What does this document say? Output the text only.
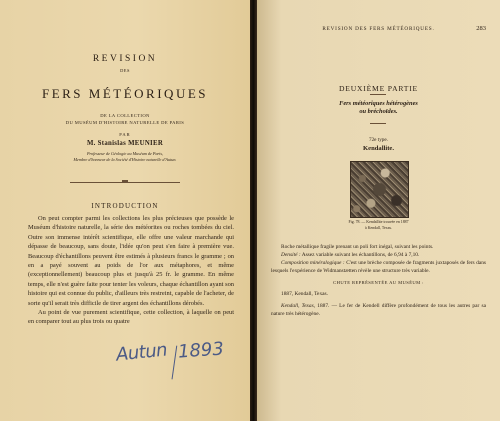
REVISION
DES
FERS MÉTÉORIQUES
DE LA COLLECTION
DU MUSÉUM D'HISTOIRE NATURELLE DE PARIS
PAR
M. Stanislas MEUNIER
Professeur de Géologie au Muséum de Paris,
Membre d'honneur de la Société d'Histoire naturelle d'Autun.
INTRODUCTION

On peut compter parmi les collections les plus précieuses que possède le Muséum d'histoire naturelle, la série des météorites ou roches tombées du ciel. Outre son immense intérêt scientifique, elle offre une valeur marchande qui dépasse de beaucoup, sans doute, l'idée qu'on peut s'en faire à première vue. Beaucoup d'échantillons peuvent être estimés à plusieurs francs le gramme ; on en a payé souvent au poids de l'or aux métaphores, et même (exceptionnellement) beaucoup plus et jusqu'à 25 fr. le gramme. En même temps, elle n'est guère faite pour tenter les voleurs, chaque échantillon ayant son histoire qui est connue du public, d'ailleurs très restreint, capable de l'acheter, de sorte qu'il serait très difficile de tirer argent des échantillons dérobés.

Au point de vue purement scientifique, cette collection, à laquelle on peut en comparer tout au plus trois ou quatre

Autun 1893
REVISION DES FERS MÉTÉORIQUES.	283
DEUXIÈME PARTIE
Fers météoriques hétérogènes
ou bréchoïdes.
72e type.
Kendallite.
Fig. 78. — Kendallite trouvée en 1887
à Kendall, Texas.

Roche métallique fragile prenant un poli fort inégal, suivant les points.

Densité : Assez variable suivant les échantillons, de 6,94 à 7,10.

Composition minéralogique : C'est une brèche composée de fragments juxtaposés de fers dans lesquels l'expérience de Widmanstætten révèle une structure très variable.

CHUTE REPRÉSENTÉE AU MUSÉUM :

1887, Kendall, Texas.

Kendall, Texas, 1887. — Le fer de Kendell diffère profondément de tous les autres par sa nature très hétérogène.
